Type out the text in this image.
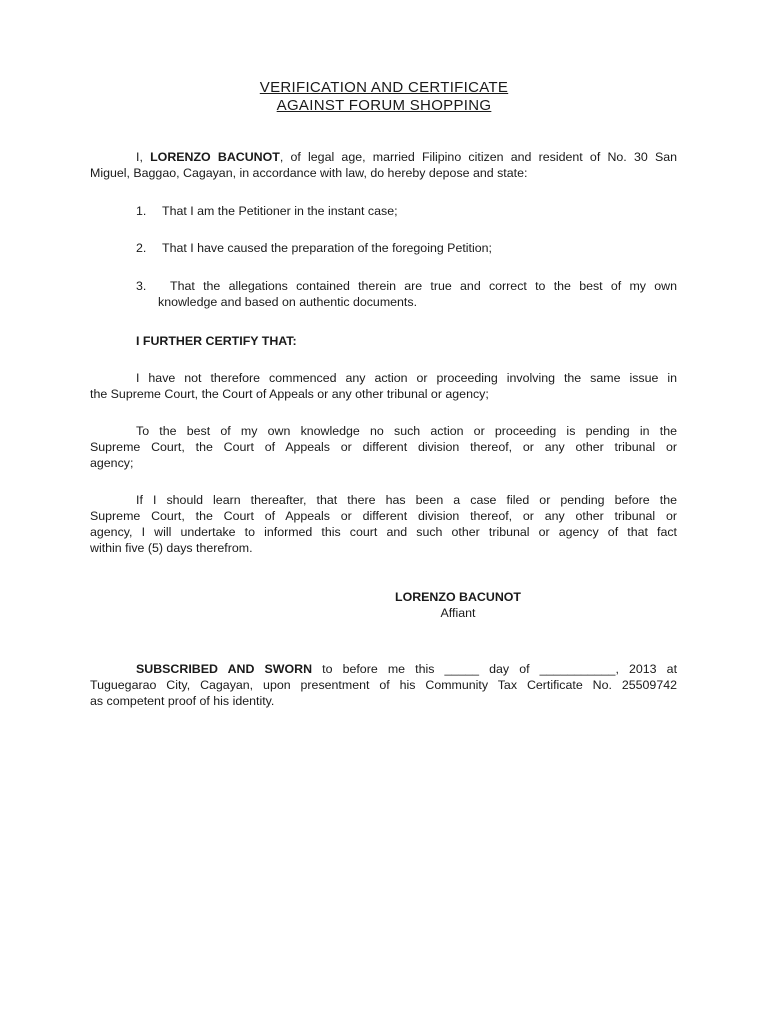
VERIFICATION AND CERTIFICATE
AGAINST FORUM SHOPPING
I, LORENZO BACUNOT, of legal age, married Filipino citizen and resident of No. 30 San
Miguel, Baggao, Cagayan, in accordance with law, do hereby depose and state:
1. That I am the Petitioner in the instant case;
2. That I have caused the preparation of the foregoing Petition;
3. That the allegations contained therein are true and correct to the best of my own
knowledge and based on authentic documents.
I FURTHER CERTIFY THAT:
I have not therefore commenced any action or proceeding involving the same issue in
the Supreme Court, the Court of Appeals or any other tribunal or agency;
To the best of my own knowledge no such action or proceeding is pending in the
Supreme Court, the Court of Appeals or different division thereof, or any other tribunal or
agency;
If I should learn thereafter, that there has been a case filed or pending before the
Supreme Court, the Court of Appeals or different division thereof, or any other tribunal or
agency, I will undertake to informed this court and such other tribunal or agency of that fact
within five (5) days therefrom.
LORENZO BACUNOT
Affiant
SUBSCRIBED AND SWORN to before me this _____ day of ___________, 2013 at
Tuguegarao City, Cagayan, upon presentment of his Community Tax Certificate No. 25509742
as competent proof of his identity.
